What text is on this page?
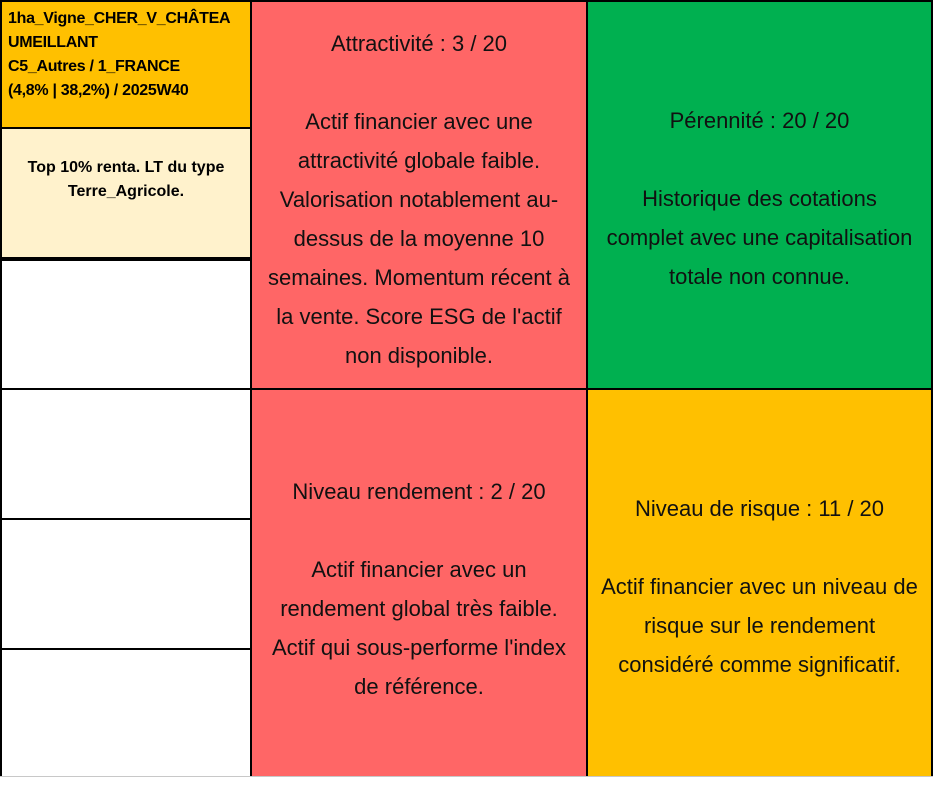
1ha_Vigne_CHER_V_CHÂTEA
UMEILLANT
C5_Autres / 1_FRANCE
(4,8% | 38,2%) / 2025W40
Top 10% renta. LT du type
Terre_Agricole.
Attractivité : 3 / 20
Actif financier avec une
attractivité globale faible.
Valorisation notablement au-
dessus de la moyenne 10
semaines. Momentum récent à
la vente. Score ESG de l'actif
non disponible.
Pérennité : 20 / 20
Historique des cotations
complet avec une capitalisation
totale non connue.
Niveau rendement : 2 / 20
Actif financier avec un
rendement global très faible.
Actif qui sous-performe l'index
de référence.
Niveau de risque : 11 / 20
Actif financier avec un niveau de
risque sur le rendement
considéré comme significatif.
